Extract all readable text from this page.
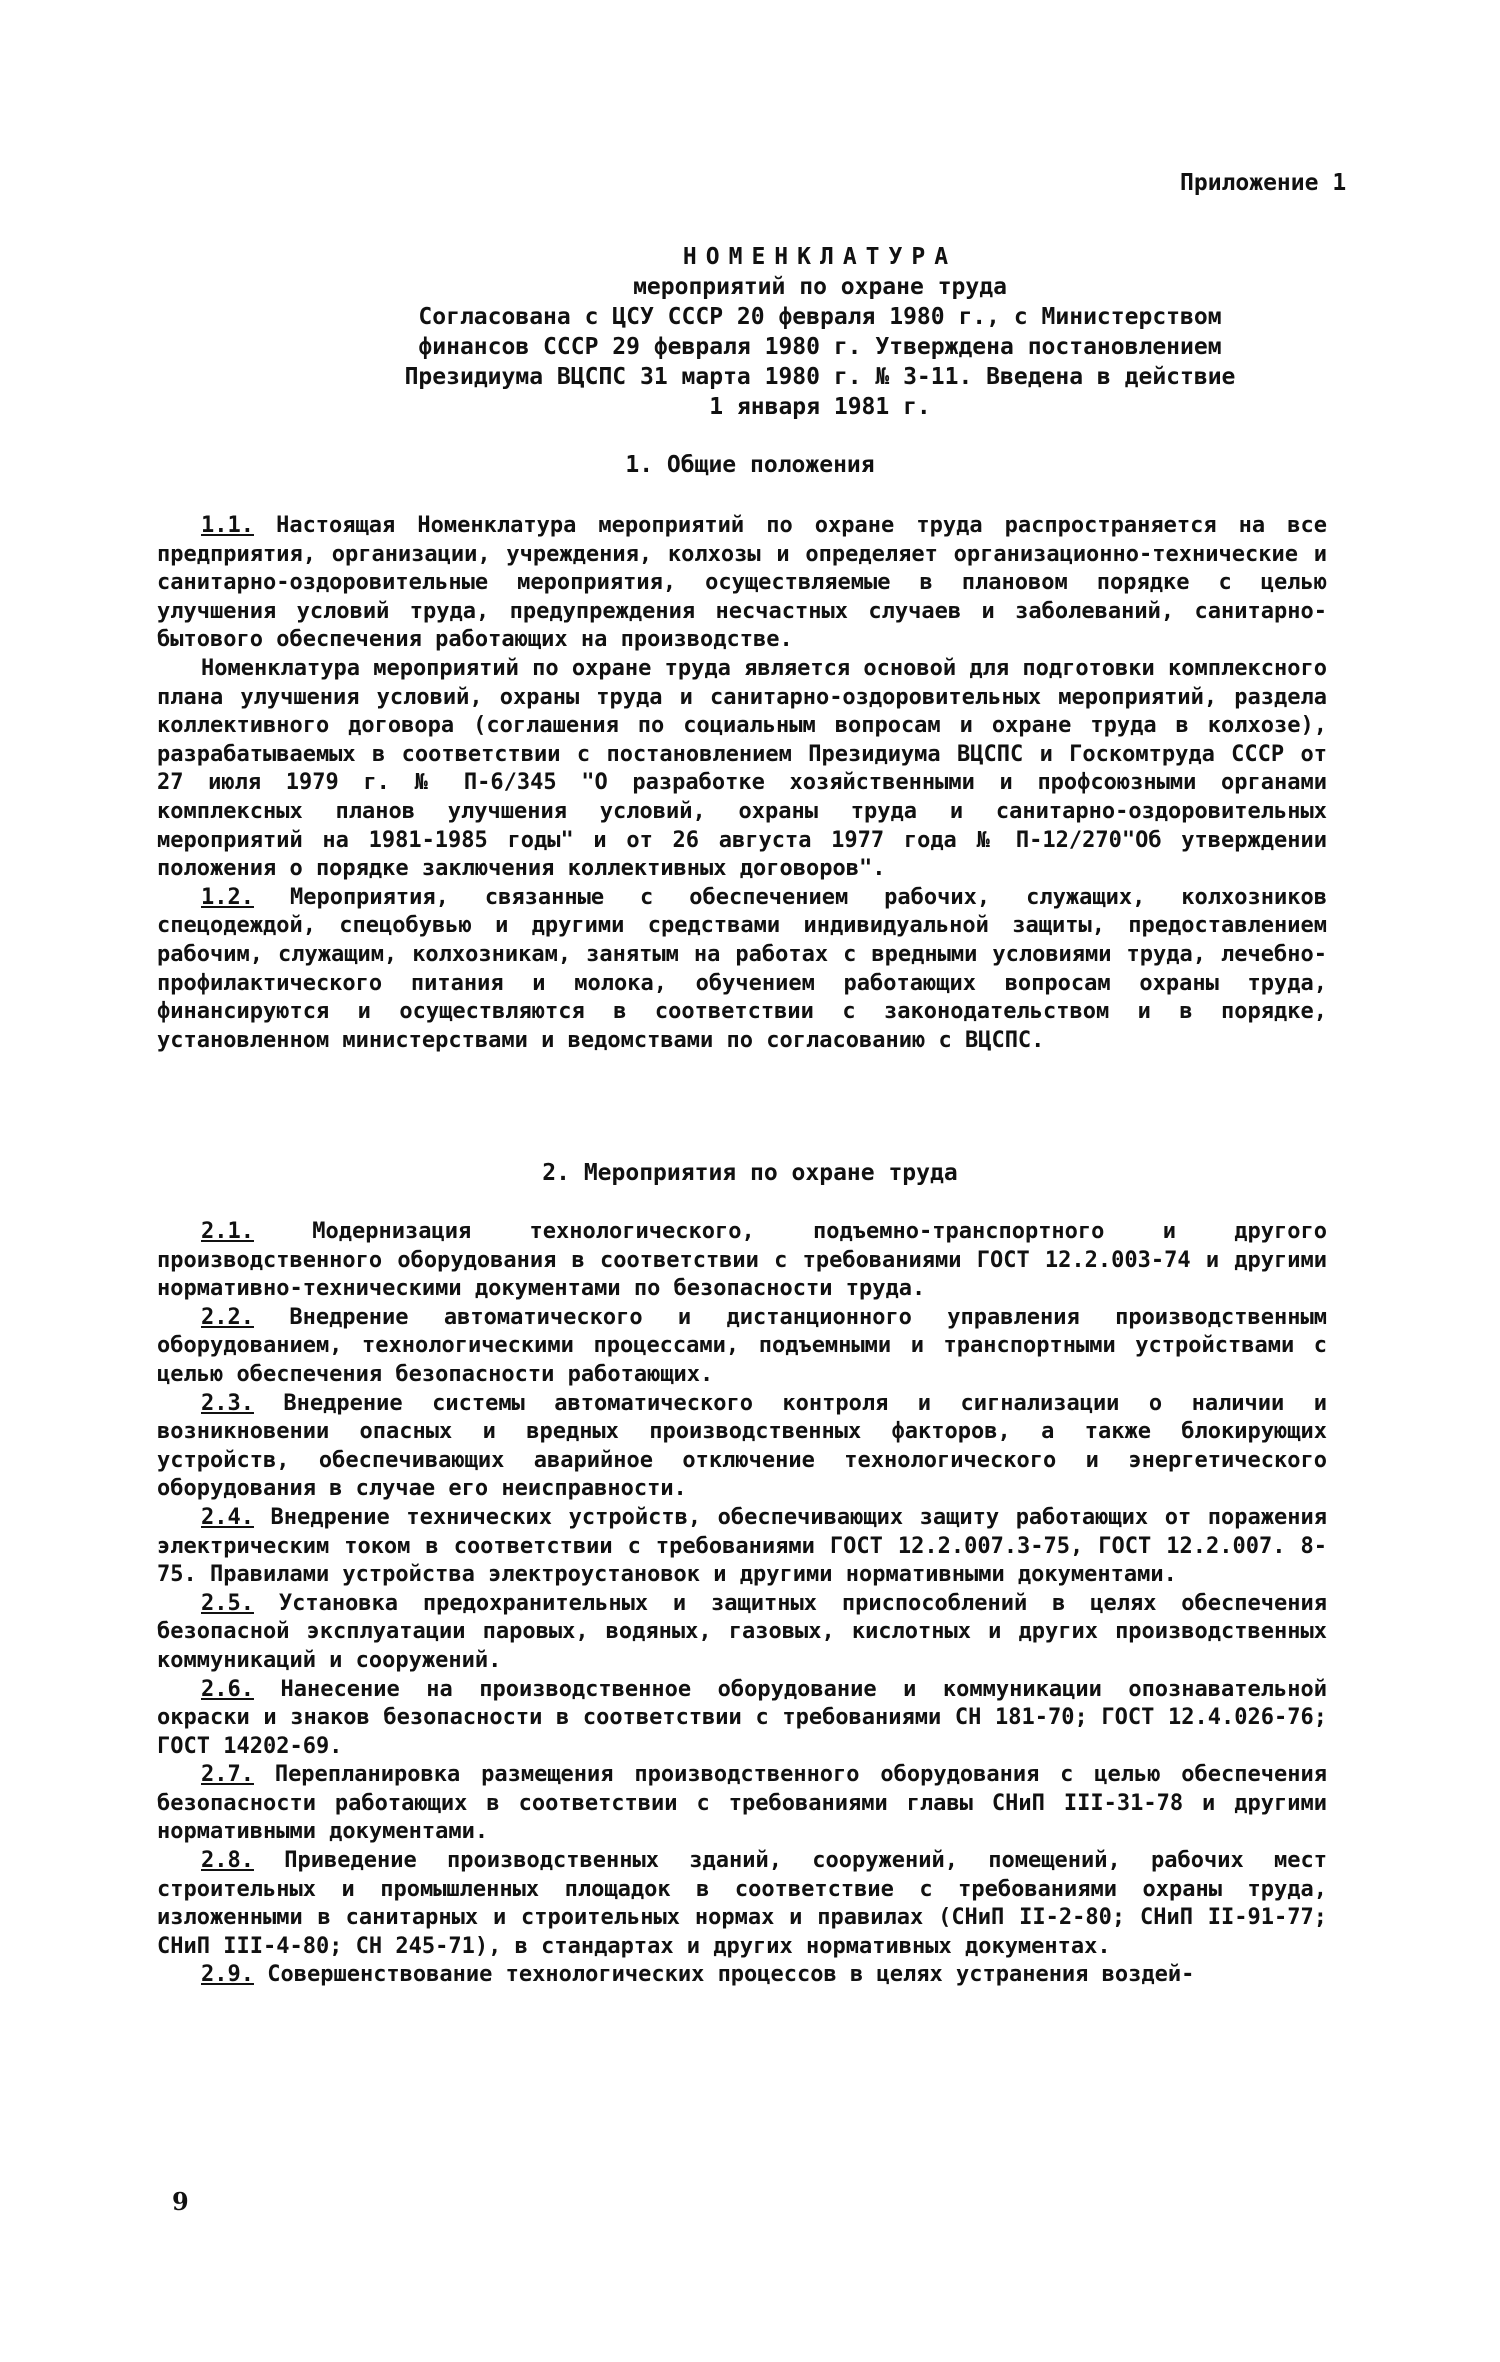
Приложение 1
НОМЕНКЛАТУРА
мероприятий по охране труда
Согласована с ЦСУ СССР 20 февраля 1980 г., с Министерством
финансов СССР 29 февраля 1980 г. Утверждена постановлением
Президиума ВЦСПС 31 марта 1980 г. № 3-11. Введена в действие
1 января 1981 г.
1. Общие положения

1.1. Настоящая Номенклатура мероприятий по охране труда распространяется на все предприятия, организации, учреждения, колхозы и определяет организационно-технические и санитарно-оздоровительные мероприятия, осуществляемые в плановом порядке с целью улучшения условий труда, предупреждения несчастных случаев и заболеваний, санитарно-бытового обеспечения работающих на производстве.

Номенклатура мероприятий по охране труда является основой для подготовки комплексного плана улучшения условий, охраны труда и санитарно-оздоровительных мероприятий, раздела коллективного договора (соглашения по социальным вопросам и охране труда в колхозе), разрабатываемых в соответствии с постановлением Президиума ВЦСПС и Госкомтруда СССР от 27 июля 1979 г. № П-6/345 "О разработке хозяйственными и профсоюзными органами комплексных планов улучшения условий, охраны труда и санитарно-оздоровительных мероприятий на 1981-1985 годы" и от 26 августа 1977 года № П-12/270"Об утверждении положения о порядке заключения коллективных договоров".

1.2. Мероприятия, связанные с обеспечением рабочих, служащих, колхозников спецодеждой, спецобувью и другими средствами индивидуальной защиты, предоставлением рабочим, служащим, колхозникам, занятым на работах с вредными условиями труда, лечебно-профилактического питания и молока, обучением работающих вопросам охраны труда, финансируются и осуществляются в соответствии с законодательством и в порядке, установленном министерствами и ведомствами по согласованию с ВЦСПС.

2. Мероприятия по охране труда

2.1. Модернизация технологического, подъемно-транспортного и другого производственного оборудования в соответствии с требованиями ГОСТ 12.2.003-74 и другими нормативно-техническими документами по безопасности труда.

2.2. Внедрение автоматического и дистанционного управления производственным оборудованием, технологическими процессами, подъемными и транспортными устройствами с целью обеспечения безопасности работающих.

2.3. Внедрение системы автоматического контроля и сигнализации о наличии и возникновении опасных и вредных производственных факторов, а также блокирующих устройств, обеспечивающих аварийное отключение технологического и энергетического оборудования в случае его неисправности.

2.4. Внедрение технических устройств, обеспечивающих защиту работающих от поражения электрическим током в соответствии с требованиями ГОСТ 12.2.007.3-75, ГОСТ 12.2.007. 8-75. Правилами устройства электроустановок и другими нормативными документами.

2.5. Установка предохранительных и защитных приспособлений в целях обеспечения безопасной эксплуатации паровых, водяных, газовых, кислотных и других производственных коммуникаций и сооружений.

2.6. Нанесение на производственное оборудование и коммуникации опознавательной окраски и знаков безопасности в соответствии с требованиями СН 181-70; ГОСТ 12.4.026-76; ГОСТ 14202-69.

2.7. Перепланировка размещения производственного оборудования с целью обеспечения безопасности работающих в соответствии с требованиями главы СНиП III-31-78 и другими нормативными документами.

2.8. Приведение производственных зданий, сооружений, помещений, рабочих мест строительных и промышленных площадок в соответствие с требованиями охраны труда, изложенными в санитарных и строительных нормах и правилах (СНиП II-2-80; СНиП II-91-77; СНиП III-4-80; СН 245-71), в стандартах и других нормативных документах.

2.9. Совершенствование технологических процессов в целях устранения воздей-

9
